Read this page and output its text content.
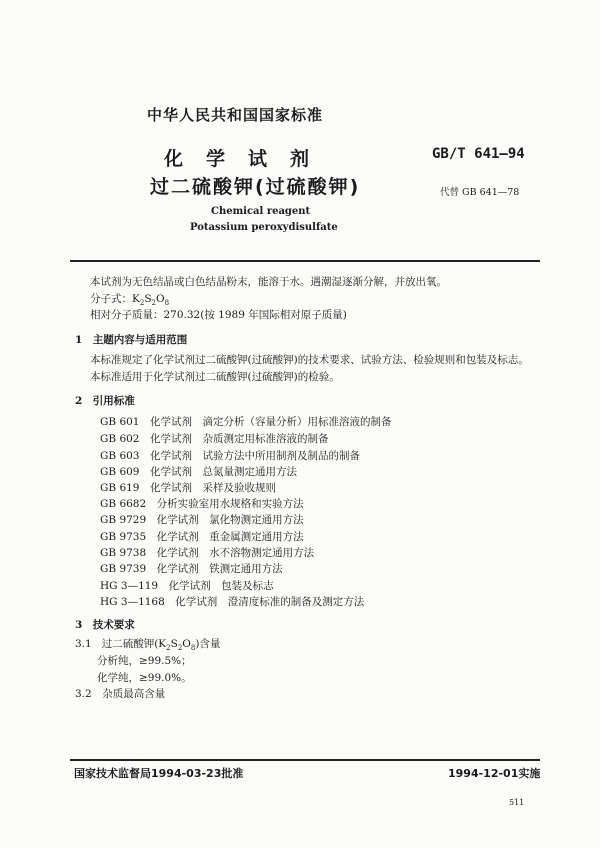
中华人民共和国国家标准
化　学　试　剂	GB/T 641—94
过二硫酸钾(过硫酸钾)	代替 GB 641—78
Chemical reagent
Potassium peroxydisulfate
本试剂为无色结晶或白色结晶粉末，能溶于水。遇潮湿逐渐分解，并放出氧。
分子式：$K_2S_2O_8$
相对分子质量：270.32(按 1989 年国际相对原子质量)
1　主题内容与适用范围
本标准规定了化学试剂过二硫酸钾(过硫酸钾)的技术要求、试验方法、检验规则和包装及标志。
本标准适用于化学试剂过二硫酸钾(过硫酸钾)的检验。
2　引用标准
GB 601　化学试剂　滴定分析（容量分析）用标准溶液的制备
GB 602　化学试剂　杂质测定用标准溶液的制备
GB 603　化学试剂　试验方法中所用制剂及制品的制备
GB 609　化学试剂　总氮量测定通用方法
GB 619　化学试剂　采样及验收规则
GB 6682　分析实验室用水规格和实验方法
GB 9729　化学试剂　氯化物测定通用方法
GB 9735　化学试剂　重金属测定通用方法
GB 9738　化学试剂　水不溶物测定通用方法
GB 9739　化学试剂　铁测定通用方法
HG 3—119　化学试剂　包装及标志
HG 3—1168　化学试剂　澄清度标准的制备及测定方法
3　技术要求
3.1 过二硫酸钾$(K_2S_2O_8)$含量
分析纯，≥99.5%；
化学纯，≥99.0%。
3.2　杂质最高含量
国家技术监督局1994-03-23批准	1994-12-01实施
511
